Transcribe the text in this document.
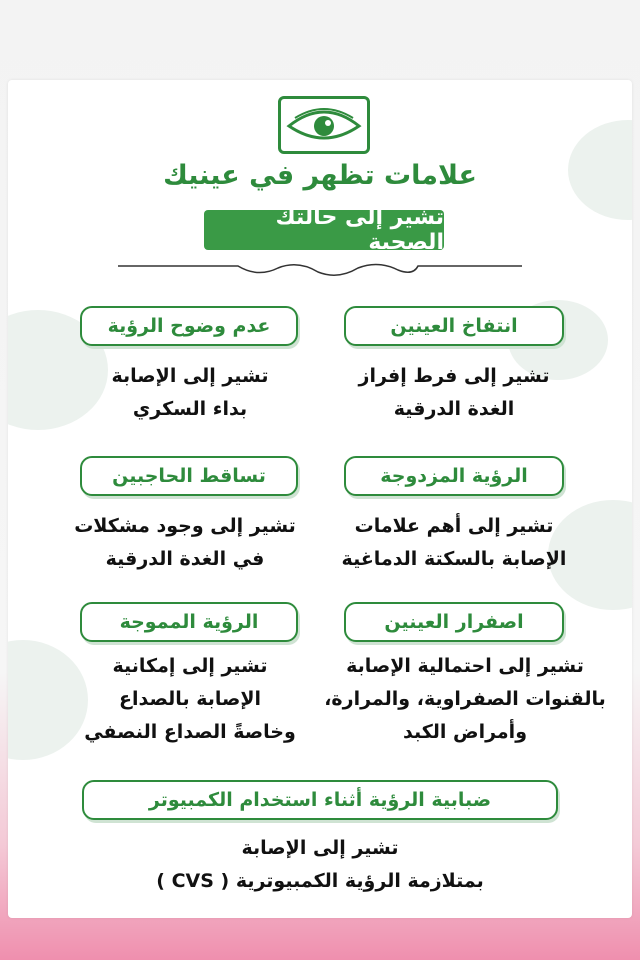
علامات تظهر في عينيك
تشير إلى حالتك الصحية
انتفاخ العينين
تشير إلى فرط إفراز
الغدة الدرقية
عدم وضوح الرؤية
تشير إلى الإصابة
بداء السكري
الرؤية المزدوجة
تشير إلى أهم علامات
الإصابة بالسكتة الدماغية
تساقط الحاجبين
تشير إلى وجود مشكلات
في الغدة الدرقية
اصفرار العينين
تشير إلى احتمالية الإصابة
بالقنوات الصفراوية، والمرارة،
وأمراض الكبد
الرؤية المموجة
تشير إلى إمكانية
الإصابة بالصداع
وخاصةً الصداع النصفي
ضبابية الرؤية أثناء استخدام الكمبيوتر
تشير إلى الإصابة
بمتلازمة الرؤية الكمبيوترية ( CVS )
